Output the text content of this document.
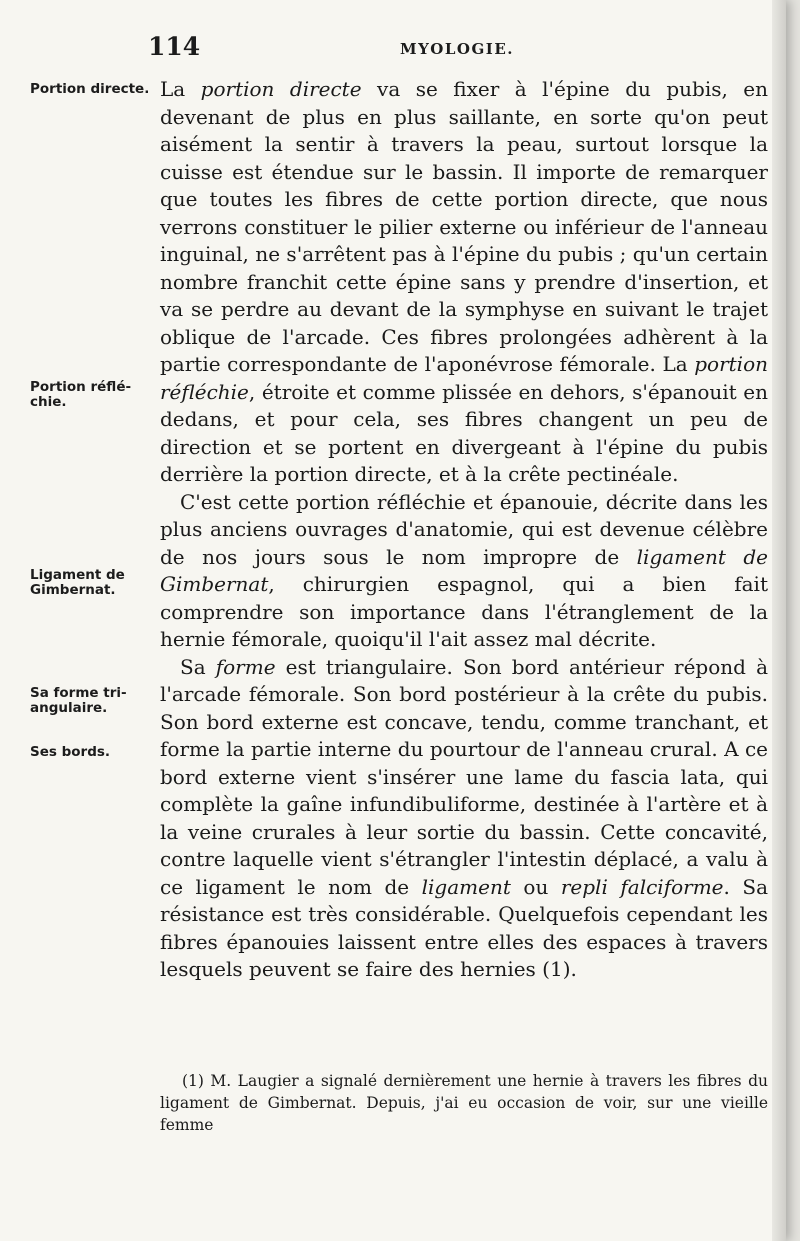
114	MYOLOGIE.
Portion directe.
Portion réflé-
chie.
Ligament de
Gimbernat.
Sa forme tri-
angulaire.
Ses bords.

La portion directe va se fixer à l'épine du pubis, en devenant de plus en plus saillante, en sorte qu'on peut aisément la sentir à travers la peau, surtout lorsque la cuisse est étendue sur le bassin. Il importe de remarquer que toutes les fibres de cette portion directe, que nous verrons constituer le pilier externe ou inférieur de l'anneau inguinal, ne s'arrêtent pas à l'épine du pubis ; qu'un certain nombre franchit cette épine sans y prendre d'insertion, et va se perdre au devant de la symphyse en suivant le trajet oblique de l'arcade. Ces fibres prolongées adhèrent à la partie correspondante de l'aponévrose fémorale. La portion réfléchie, étroite et comme plissée en dehors, s'épanouit en dedans, et pour cela, ses fibres changent un peu de direction et se portent en divergeant à l'épine du pubis derrière la portion directe, et à la crête pectinéale.

C'est cette portion réfléchie et épanouie, décrite dans les plus anciens ouvrages d'anatomie, qui est devenue célèbre de nos jours sous le nom impropre de ligament de Gimbernat, chirurgien espagnol, qui a bien fait comprendre son importance dans l'étranglement de la hernie fémorale, quoiqu'il l'ait assez mal décrite.

Sa forme est triangulaire. Son bord antérieur répond à l'arcade fémorale. Son bord postérieur à la crête du pubis. Son bord externe est concave, tendu, comme tranchant, et forme la partie interne du pourtour de l'anneau crural. A ce bord externe vient s'insérer une lame du fascia lata, qui complète la gaîne infundibuliforme, destinée à l'artère et à la veine crurales à leur sortie du bassin. Cette concavité, contre laquelle vient s'étrangler l'intestin déplacé, a valu à ce ligament le nom de ligament ou repli falciforme. Sa résistance est très considérable. Quelquefois cependant les fibres épanouies laissent entre elles des espaces à travers lesquels peuvent se faire des hernies (1).

(1) M. Laugier a signalé dernièrement une hernie à travers les fibres du ligament de Gimbernat. Depuis, j'ai eu occasion de voir, sur une vieille femme
